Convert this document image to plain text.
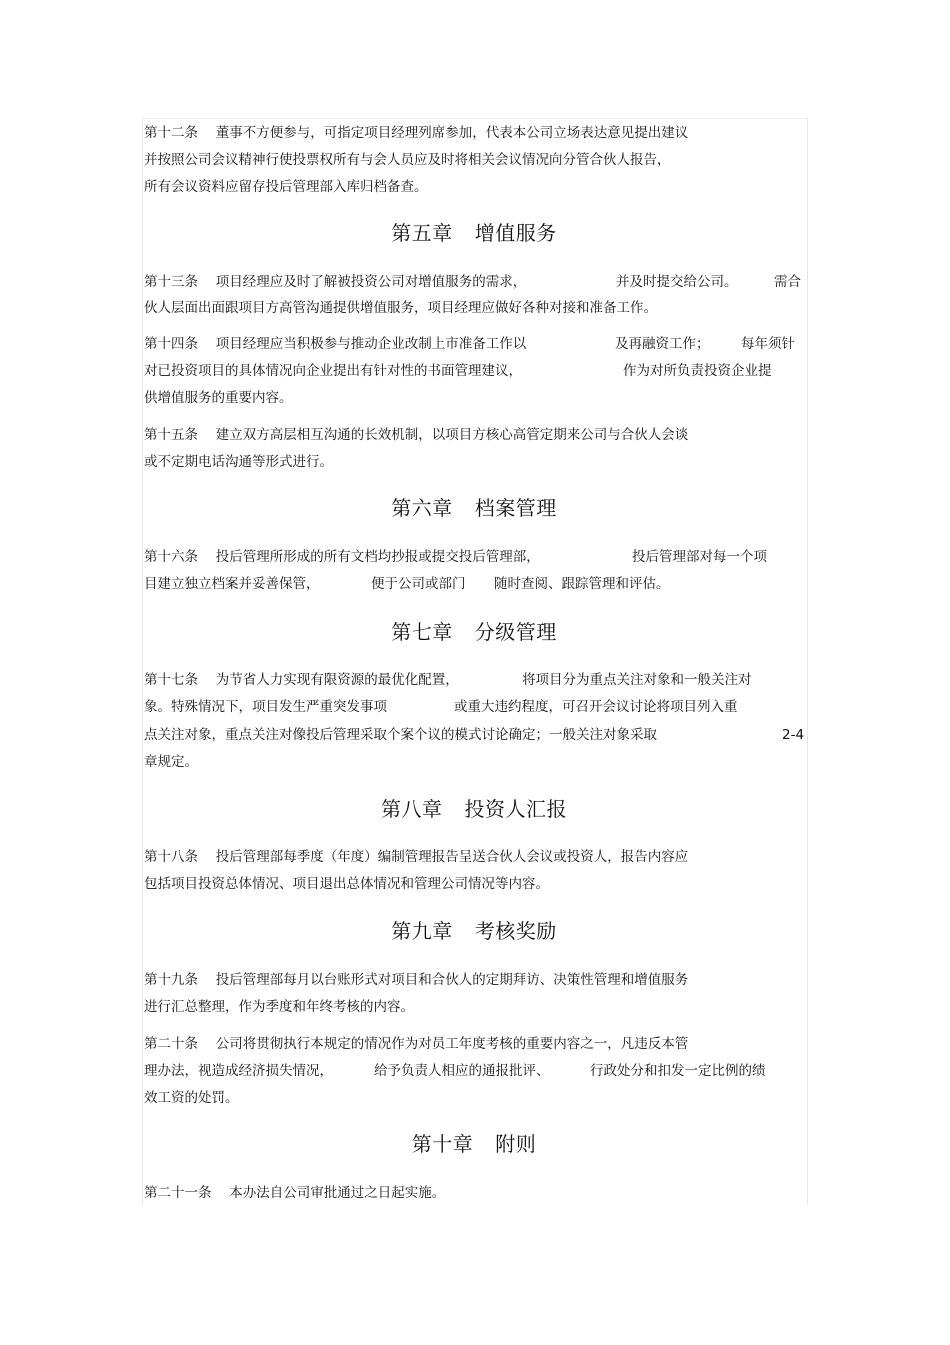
第十二条　 董事不方便参与，可指定项目经理列席参加，代表本公司立场表达意见提出建议
并按照公司会议精神行使投票权所有与会人员应及时将相关会议情况向分管合伙人报告，
所有会议资料应留存投后管理部入库归档备查。
第五章 增值服务
第十三条　 项目经理应及时了解被投资公司对增值服务的需求，	并及时提交给公司。	需合
伙人层面出面跟项目方高管沟通提供增值服务，项目经理应做好各种对接和准备工作。
第十四条　 项目经理应当积极参与推动企业改制上市准备工作以	及再融资工作； 每年须针
对已投资项目的具体情况向企业提出有针对性的书面管理建议，	作为对所负责投资企业提
供增值服务的重要内容。
第十五条　 建立双方高层相互沟通的长效机制，以项目方核心高管定期来公司与合伙人会谈
或不定期电话沟通等形式进行。
第六章 档案管理
第十六条　 投后管理所形成的所有文档均抄报或提交投后管理部，	投后管理部对每一个项
目建立独立档案并妥善保管，	便于公司或部门 随时查阅、跟踪管理和评估。
第七章 分级管理
第十七条　 为节省人力实现有限资源的最优化配置，	将项目分为重点关注对象和一般关注对
象。特殊情况下，项目发生严重突发事项	或重大违约程度，可召开会议讨论将项目列入重
点关注对象，重点关注对像投后管理采取个案个议的模式讨论确定；一般关注对象采取	2-4
章规定。
第八章 投资人汇报
第十八条　 投后管理部每季度（年度）编制管理报告呈送合伙人会议或投资人，报告内容应
包括项目投资总体情况、项目退出总体情况和管理公司情况等内容。
第九章 考核奖励
第十九条　 投后管理部每月以台账形式对项目和合伙人的定期拜访、决策性管理和增值服务
进行汇总整理，作为季度和年终考核的内容。
第二十条　 公司将贯彻执行本规定的情况作为对员工年度考核的重要内容之一，凡违反本管
理办法，视造成经济损失情况，	给予负责人相应的通报批评、	行政处分和扣发一定比例的绩
效工资的处罚。
第十章 附则
第二十一条　 本办法自公司审批通过之日起实施。
